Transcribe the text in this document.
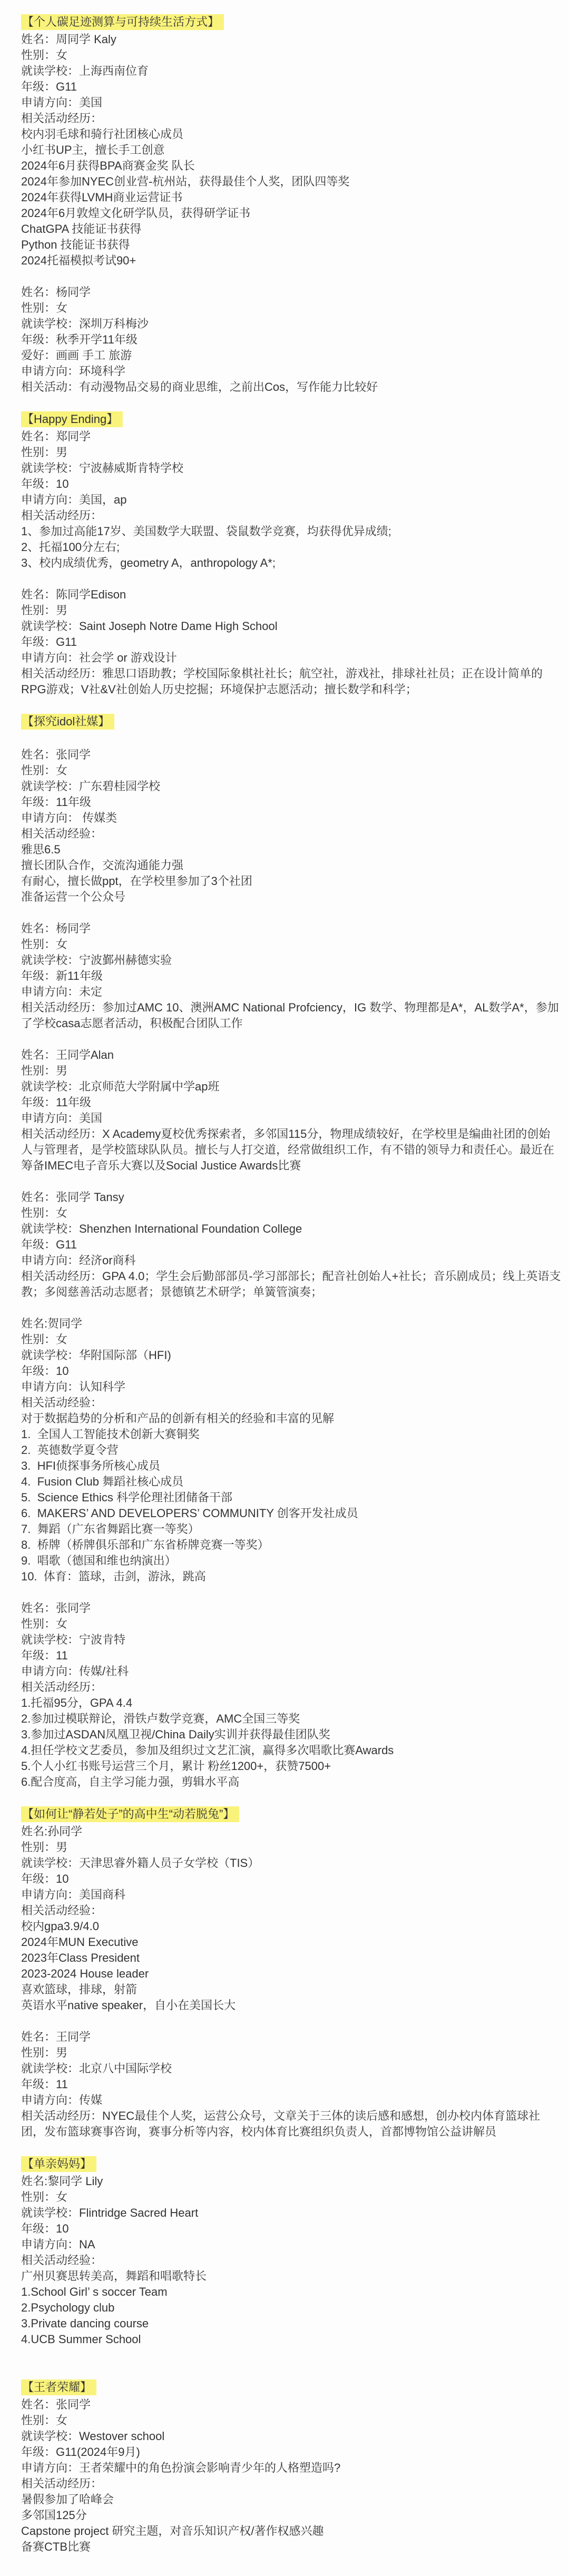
【个人碳足迹测算与可持续生活方式】
姓名：周同学 Kaly
性别：女
就读学校：上海西南位育
年级：G11
申请方向：美国
相关活动经历：
校内羽毛球和骑行社团核心成员
小红书UP主，擅长手工创意
2024年6月获得BPA商赛金奖 队长
2024年参加NYEC创业营-杭州站，获得最佳个人奖，团队四等奖
2024年获得LVMH商业运营证书
2024年6月敦煌文化研学队员，获得研学证书
ChatGPA 技能证书获得
Python 技能证书获得
2024托福模拟考试90+
姓名：杨同学
性别：女
就读学校：深圳万科梅沙
年级：秋季开学11年级
爱好：画画 手工 旅游
申请方向：环境科学
相关活动：有动漫物品交易的商业思维，之前出Cos，写作能力比较好
【Happy Ending】
姓名：郑同学
性别：男
就读学校：宁波赫威斯肯特学校
年级：10
申请方向：美国，ap
相关活动经历：
1、参加过高能17岁、美国数学大联盟、袋鼠数学竞赛，均获得优异成绩;
2、托福100分左右;
3、校内成绩优秀，geometry A，anthropology A*;
姓名：陈同学Edison
性别：男
就读学校：Saint Joseph Notre Dame High School
年级：G11
申请方向：社会学 or 游戏设计
相关活动经历：雅思口语助教；学校国际象棋社社长；航空社，游戏社，排球社社员；正在设计简单的RPG游戏；V社&V社创始人历史挖掘；环境保护志愿活动；擅长数学和科学；
【探究idol社媒】
姓名：张同学
性别：女
就读学校：广东碧桂园学校
年级：11年级
申请方向： 传媒类
相关活动经验：
雅思6.5
擅长团队合作，交流沟通能力强
有耐心，擅长做ppt，在学校里参加了3个社团
准备运营一个公众号
姓名：杨同学
性别：女
就读学校：宁波鄞州赫德实验
年级：新11年级
申请方向：未定
相关活动经历：参加过AMC 10、澳洲AMC National Profciency，IG 数学、物理都是A*，AL数学A*，参加了学校casa志愿者活动，积极配合团队工作
姓名：王同学Alan
性别：男
就读学校：北京师范大学附属中学ap班
年级：11年级
申请方向：美国
相关活动经历：X Academy夏校优秀探索者，多邻国115分，物理成绩较好，在学校里是编曲社团的创始人与管理者，是学校篮球队队员。擅长与人打交道，经常做组织工作，有不错的领导力和责任心。最近在筹备IMEC电子音乐大赛以及Social Justice Awards比赛
姓名：张同学 Tansy
性别：女
就读学校：Shenzhen International Foundation College
年级：G11
申请方向：经济or商科
相关活动经历：GPA 4.0；学生会后勤部部员-学习部部长；配音社创始人+社长；音乐剧成员；线上英语支教；多阅慈善活动志愿者；景德镇艺术研学；单簧管演奏；
姓名:贺同学
性别：女
就读学校：华附国际部（HFI)
年级：10
申请方向：认知科学
相关活动经验：
对于数据趋势的分析和产品的创新有相关的经验和丰富的见解
1.  全国人工智能技术创新大赛铜奖
2.  英德数学夏令营
3.  HFI侦探事务所核心成员
4.  Fusion Club 舞蹈社核心成员
5.  Science Ethics 科学伦理社团储备干部
6.  MAKERS’ AND DEVELOPERS’ COMMUNITY 创客开发社成员
7.  舞蹈（广东省舞蹈比赛一等奖）
8.  桥牌（桥牌俱乐部和广东省桥牌竞赛一等奖）
9.  唱歌（德国和维也纳演出）
10.  体育：篮球，击剑，游泳，跳高
姓名：张同学
性别：女
就读学校：宁波肯特
年级：11
申请方向：传媒/社科
相关活动经历：
1.托福95分，GPA 4.4
2.参加过模联辩论，滑铁卢数学竞赛，AMC全国三等奖
3.参加过ASDAN凤凰卫视/China Daily实训并获得最佳团队奖
4.担任学校文艺委员，参加及组织过文艺汇演，赢得多次唱歌比赛Awards
5.个人小红书账号运营三个月，累计 粉丝1200+，获赞7500+
6.配合度高，自主学习能力强，剪辑水平高
【如何让“静若处子”的高中生“动若脱兔”】
姓名:孙同学
性别：男
就读学校：天津思睿外籍人员子女学校（TIS）
年级：10
申请方向：美国商科
相关活动经验：
校内gpa3.9/4.0
2024年MUN Executive
2023年Class President
2023-2024 House leader
喜欢篮球，排球，射箭
英语水平native speaker，自小在美国长大
姓名：王同学
性别：男
就读学校：北京八中国际学校
年级：11
申请方向：传媒
相关活动经历：NYEC最佳个人奖，运营公众号，文章关于三体的读后感和感想，创办校内体育篮球社团，发布篮球赛事咨询，赛事分析等内容，校内体育比赛组织负责人，首都博物馆公益讲解员
【单亲妈妈】
姓名:黎同学 Lily
性别：女
就读学校：Flintridge Sacred Heart
年级：10
申请方向：NA
相关活动经验：
广州贝赛思转美高，舞蹈和唱歌特长
1.School Girl’ s soccer Team
2.Psychology club
3.Private dancing course
4.UCB Summer School
【王者荣耀】
姓名：张同学
性别：女
就读学校：Westover school
年级：G11(2024年9月)
申请方向：王者荣耀中的角色扮演会影响青少年的人格塑造吗?
相关活动经历：
暑假参加了哈峰会
多邻国125分
Capstone project 研究主题，对音乐知识产权/著作权感兴趣
备赛CTB比赛
